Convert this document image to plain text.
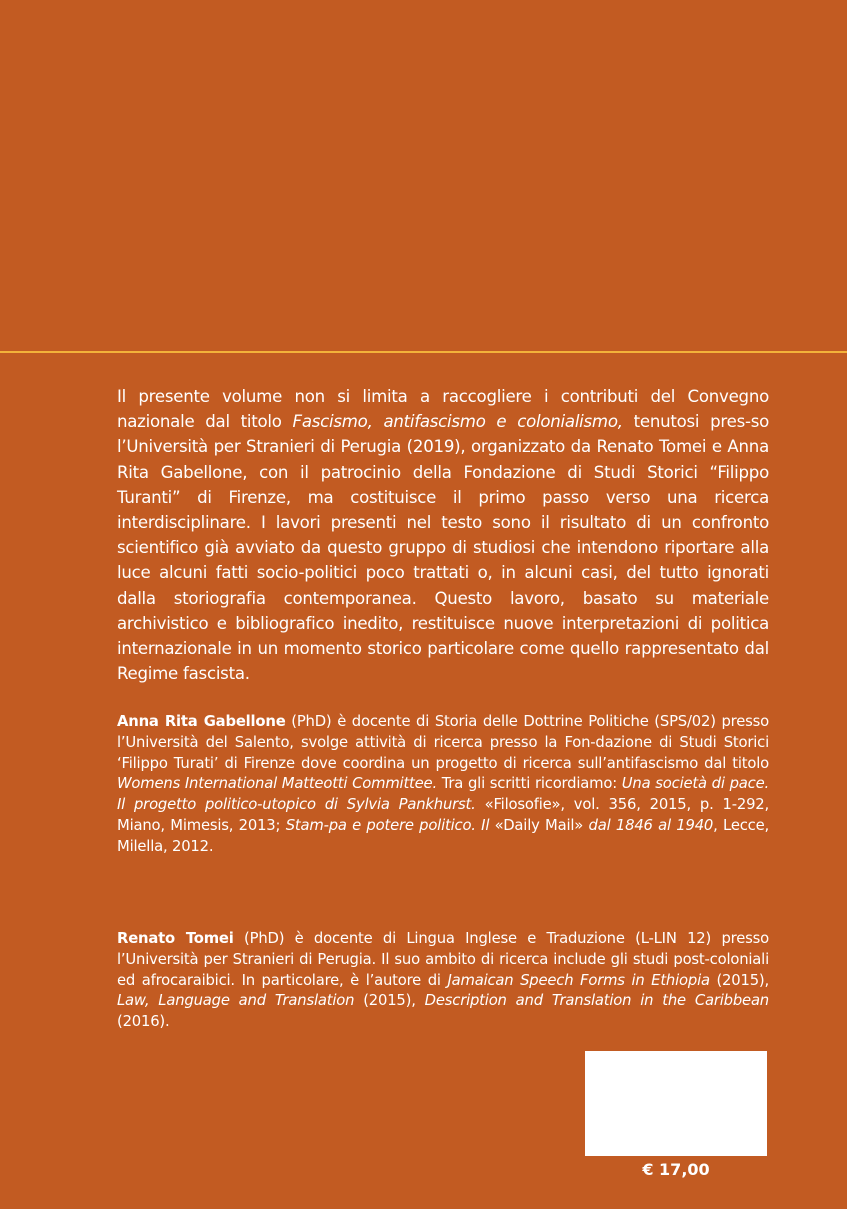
Il presente volume non si limita a raccogliere i contributi del Convegno nazionale dal titolo Fascismo, antifascismo e colonialismo, tenutosi pres-so l’Università per Stranieri di Perugia (2019), organizzato da Renato Tomei e Anna Rita Gabellone, con il patrocinio della Fondazione di Studi Storici “Filippo Turanti” di Firenze, ma costituisce il primo passo verso una ricerca interdisciplinare. I lavori presenti nel testo sono il risultato di un confronto scientifico già avviato da questo gruppo di studiosi che intendono riportare alla luce alcuni fatti socio-politici poco trattati o, in alcuni casi, del tutto ignorati dalla storiografia contemporanea. Questo lavoro, basato su materiale archivistico e bibliografico inedito, restituisce nuove interpretazioni di politica internazionale in un momento storico particolare come quello rappresentato dal Regime fascista.

Anna Rita Gabellone (PhD) è docente di Storia delle Dottrine Politiche (SPS/02) presso l’Università del Salento, svolge attività di ricerca presso la Fon-dazione di Studi Storici ‘Filippo Turati’ di Firenze dove coordina un progetto di ricerca sull’antifascismo dal titolo Womens International Matteotti Committee. Tra gli scritti ricordiamo: Una società di pace. Il progetto politico-utopico di Sylvia Pankhurst. «Filosofie», vol. 356, 2015, p. 1-292, Miano, Mimesis, 2013; Stam-pa e potere politico. Il «Daily Mail» dal 1846 al 1940, Lecce, Milella, 2012.

Renato Tomei (PhD) è docente di Lingua Inglese e Traduzione (L-LIN 12) presso l’Università per Stranieri di Perugia. Il suo ambito di ricerca include gli studi post-coloniali ed afrocaraibici. In particolare, è l’autore di Jamaican Speech Forms in Ethiopia (2015), Law, Language and Translation (2015), Description and Translation in the Caribbean (2016).

€ 17,00
